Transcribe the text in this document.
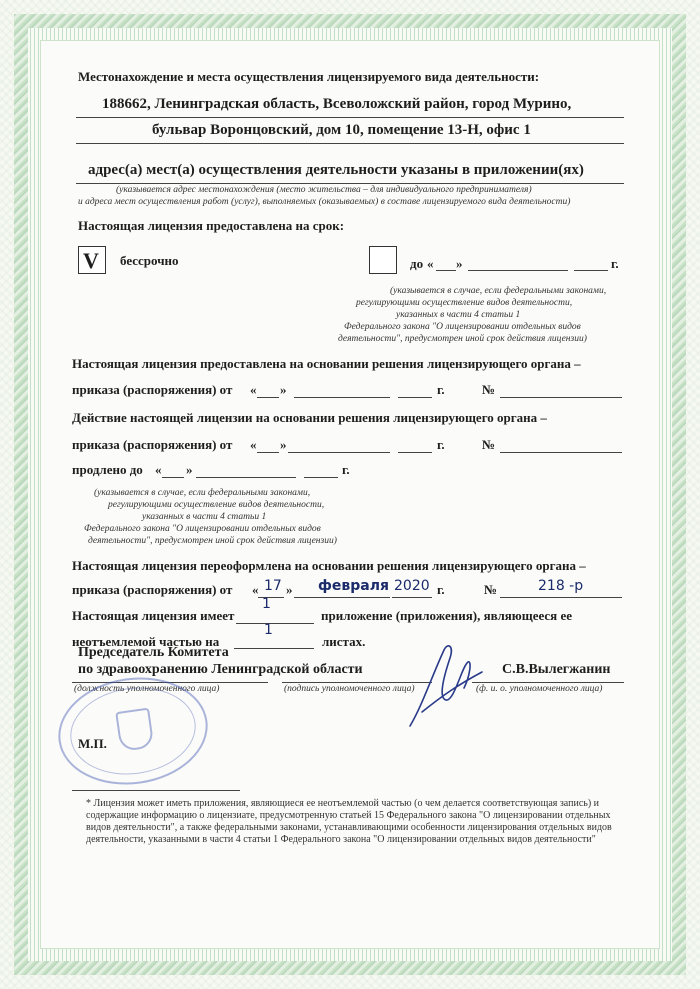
Местонахождение и места осуществления лицензируемого вида деятельности:
188662, Ленинградская область, Всеволожский район, город Мурино,
бульвар Воронцовский, дом 10, помещение 13-Н, офис 1
адрес(а) мест(а) осуществления деятельности указаны в приложении(ях)
(указывается адрес местонахождения (место жительства – для индивидуального предпринимателя)
и адреса мест осуществления работ (услуг), выполняемых (оказываемых) в составе лицензируемого вида деятельности)
Настоящая лицензия предоставлена на срок:
V бессрочно	до « »	г.
(указывается в случае, если федеральными законами,
регулирующими осуществление видов деятельности,
указанных в части 4 статьи 1
Федерального закона "О лицензировании отдельных видов
деятельности", предусмотрен иной срок действия лицензии)
Настоящая лицензия предоставлена на основании решения лицензирующего органа –
приказа (распоряжения) от « »	г.	№
Действие настоящей лицензии на основании решения лицензирующего органа –
приказа (распоряжения) от « »	г.	№
продлено до « »	г.
(указывается в случае, если федеральными законами,
регулирующими осуществление видов деятельности,
указанных в части 4 статьи 1
Федерального закона "О лицензировании отдельных видов
деятельности", предусмотрен иной срок действия лицензии)
Настоящая лицензия переоформлена на основании решения лицензирующего органа –
приказа (распоряжения) от « 17 » февраля 2020 г.	№	218 -р
1
Настоящая лицензия имеет	приложение (приложения), являющееся ее
1
неотъемлемой частью на	листах.
Председатель Комитета
по здравоохранению Ленинградской области	С.В.Вылегжанин
(должность уполномоченного лица)	(подпись уполномоченного лица)	(ф. и. о. уполномоченного лица)
М.П.
* Лицензия может иметь приложения, являющиеся ее неотъемлемой частью (о чем делается соответствующая запись) и содержащие информацию о лицензиате, предусмотренную статьей 15 Федерального закона "О лицензировании отдельных видов деятельности", а также федеральными законами, устанавливающими особенности лицензирования отдельных видов деятельности, указанными в части 4 статьи 1 Федерального закона "О лицензировании отдельных видов деятельности"
